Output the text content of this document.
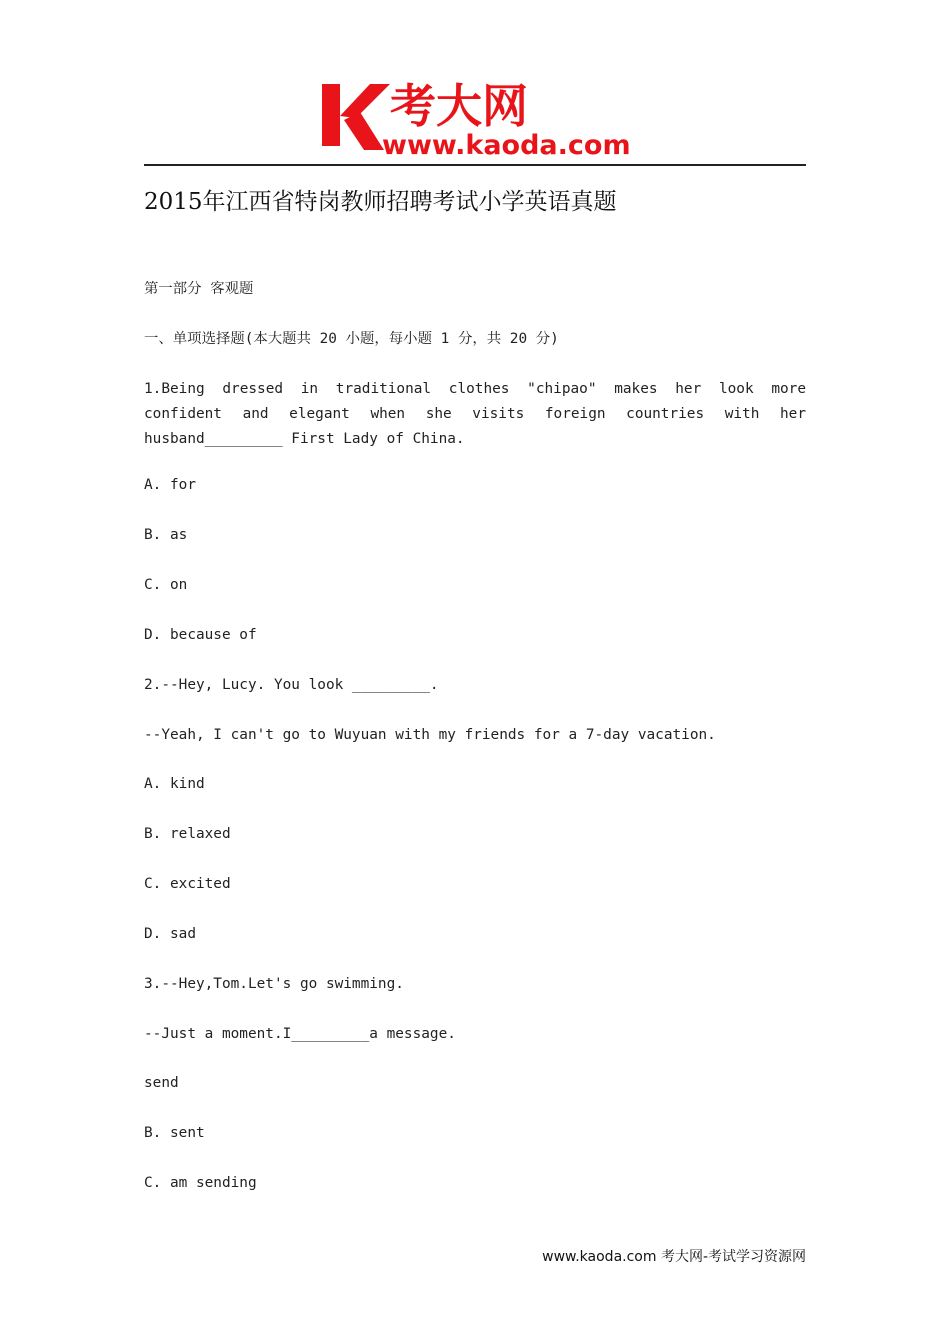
考大网
www.kaoda.com
2015年江西省特岗教师招聘考试小学英语真题
第一部分 客观题
一、单项选择题(本大题共 20 小题，每小题 1 分，共 20 分)
1.Being dressed in traditional clothes "chipao" makes her look more confident and elegant when she visits foreign countries with her husband_________ First Lady of China.
A. for
B. as
C. on
D. because of
2.--Hey, Lucy. You look _________.
--Yeah, I can't go to Wuyuan with my friends for a 7-day vacation.
A. kind
B. relaxed
C. excited
D. sad
3.--Hey,Tom.Let's go swimming.
--Just a moment.I_________a message.
send
B. sent
C. am sending
www.kaoda.com 考大网-考试学习资源网
